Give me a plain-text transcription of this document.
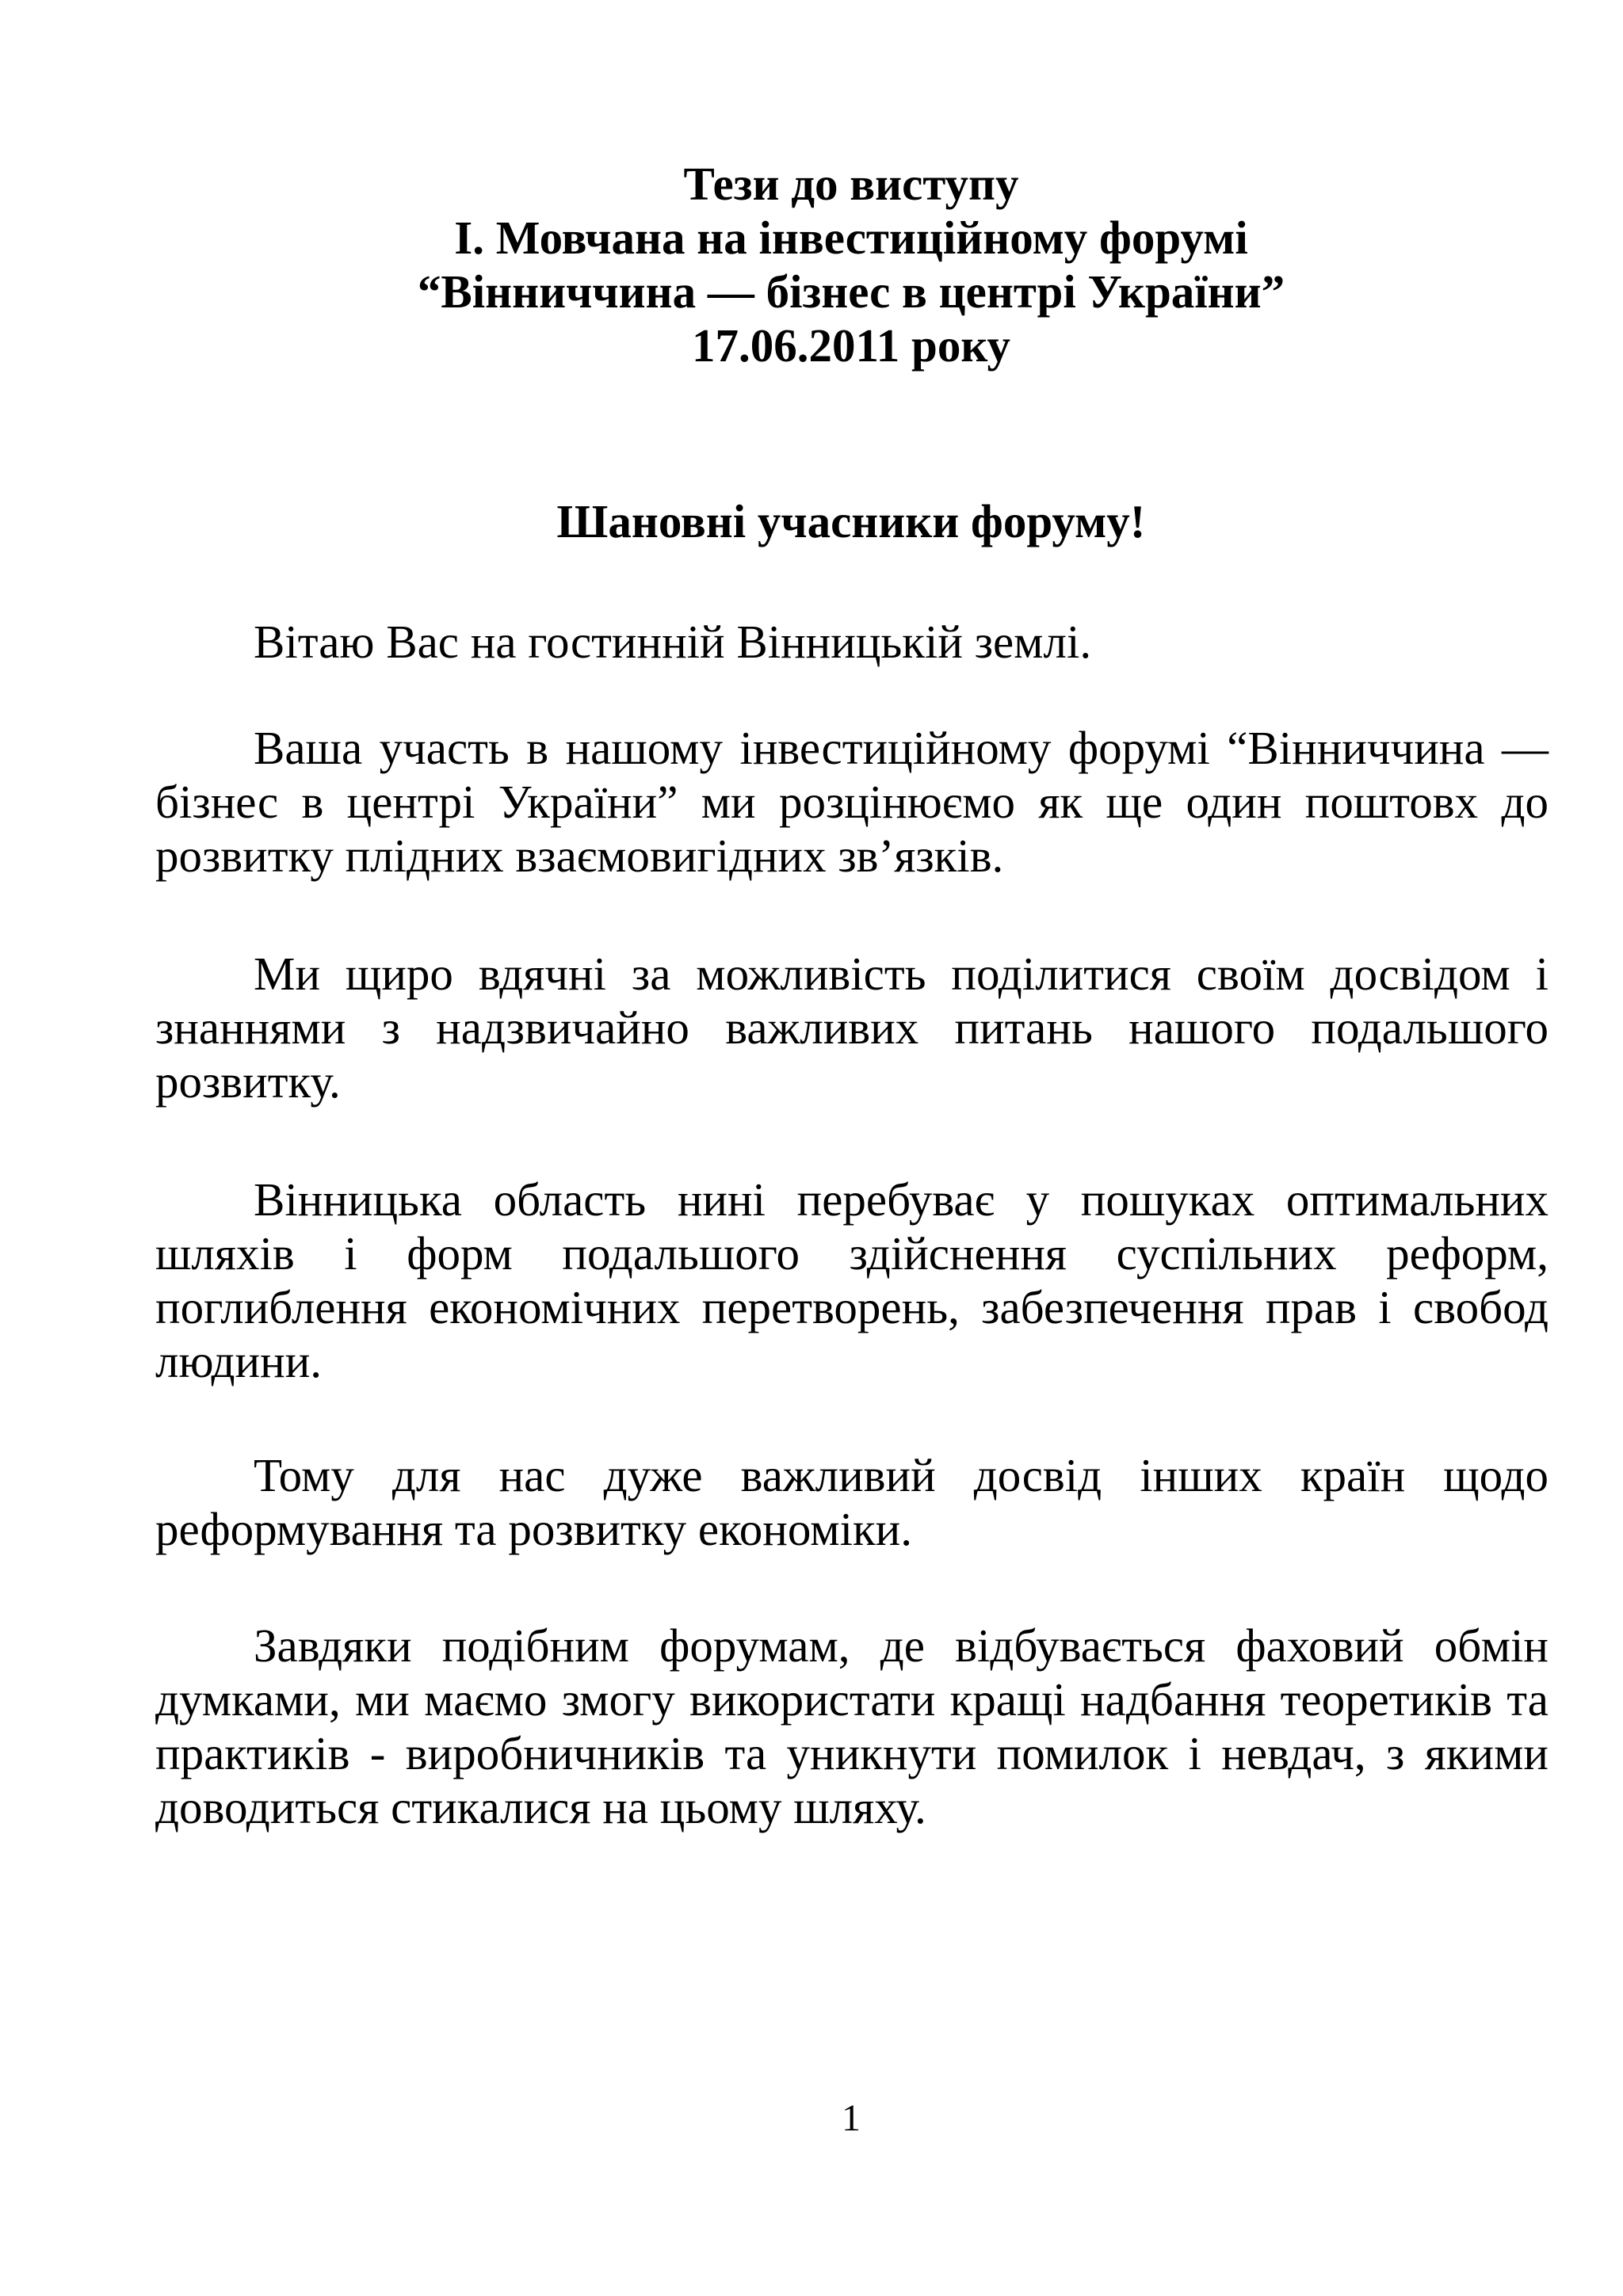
Тези до виступу
І. Мовчана на інвестиційному форумі
“Вінниччина — бізнес в центрі України”
17.06.2011 року
Шановні учасники форуму!

Вітаю Вас на гостинній Вінницькій землі.

Ваша участь в нашому інвестиційному форумі “Вінниччина — бізнес в центрі України” ми розцінюємо як ще один поштовх до розвитку плідних взаємовигідних зв’язків.

Ми щиро вдячні за можливість поділитися своїм досвідом і знаннями з надзвичайно важливих питань нашого подальшого розвитку.

Вінницька область нині перебуває у пошуках оптимальних шляхів і форм подальшого здійснення суспільних реформ, поглиблення економічних перетворень, забезпечення прав і свобод людини.

Тому для нас дуже важливий досвід інших країн щодо реформування та розвитку економіки.

Завдяки подібним форумам, де відбувається фаховий обмін думками, ми маємо змогу використати кращі надбання теоретиків та практиків - виробничників та уникнути помилок і невдач, з якими доводиться стикалися на цьому шляху.

1
